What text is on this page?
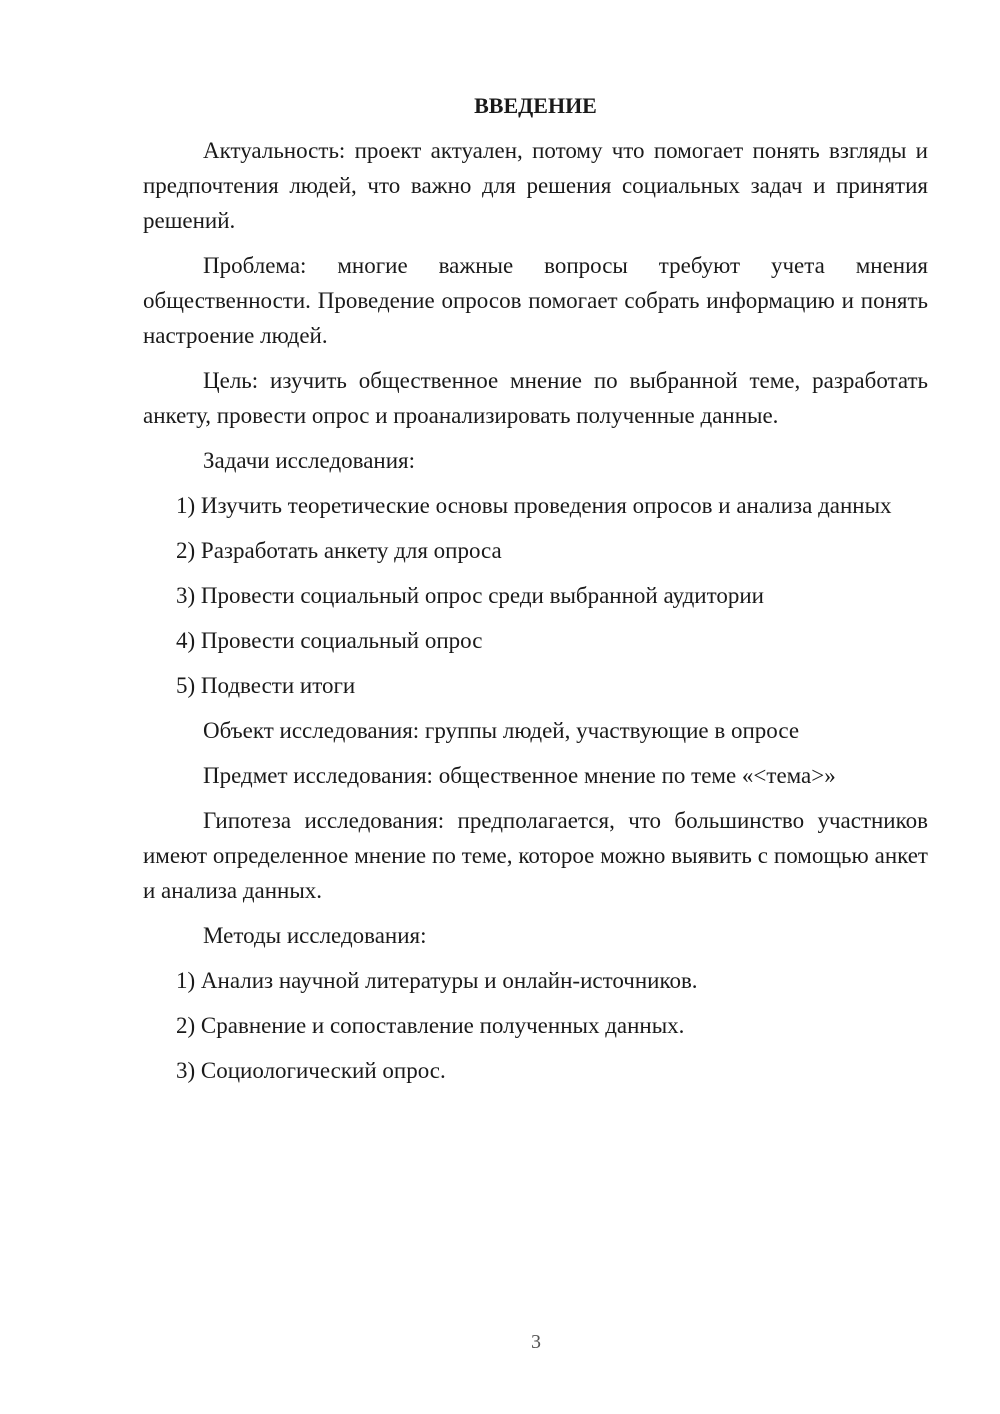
ВВЕДЕНИЕ

Актуальность: проект актуален, потому что помогает понять взгляды и предпочтения людей, что важно для решения социальных задач и принятия решений.

Проблема: многие важные вопросы требуют учета мнения общественности. Проведение опросов помогает собрать информацию и понять настроение людей.

Цель: изучить общественное мнение по выбранной теме, разработать анкету, провести опрос и проанализировать полученные данные.

Задачи исследования:

1) Изучить теоретические основы проведения опросов и анализа данных

2) Разработать анкету для опроса

3) Провести социальный опрос среди выбранной аудитории

4) Провести социальный опрос

5) Подвести итоги

Объект исследования: группы людей, участвующие в опросе

Предмет исследования: общественное мнение по теме «<тема>»

Гипотеза исследования: предполагается, что большинство участников имеют определенное мнение по теме, которое можно выявить с помощью анкет и анализа данных.

Методы исследования:

1) Анализ научной литературы и онлайн-источников.

2) Сравнение и сопоставление полученных данных.

3) Социологический опрос.

3
